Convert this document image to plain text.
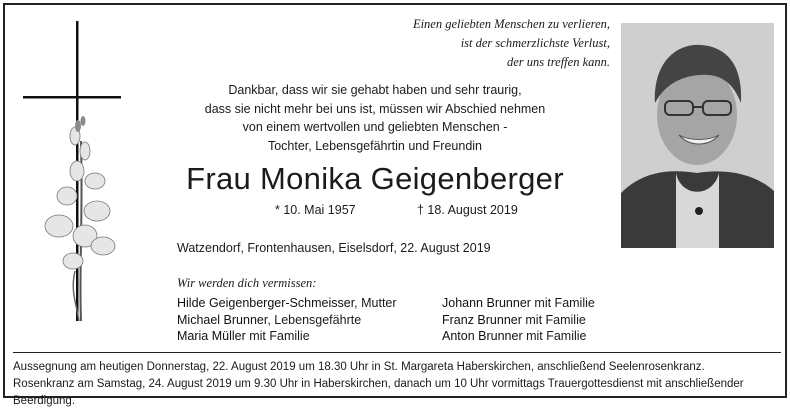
Einen geliebten Menschen zu verlieren,
ist der schmerzlichste Verlust,
der uns treffen kann.
Dankbar, dass wir sie gehabt haben und sehr traurig,
dass sie nicht mehr bei uns ist, müssen wir Abschied nehmen
von einem wertvollen und geliebten Menschen -
Tochter, Lebensgefährtin und Freundin
Frau Monika Geigenberger
* 10. Mai 1957	† 18. August 2019
Watzendorf, Frontenhausen, Eiselsdorf, 22. August 2019
Wir werden dich vermissen:
Hilde Geigenberger-Schmeisser, Mutter
Michael Brunner, Lebensgefährte
Maria Müller mit Familie
Johann Brunner mit Familie
Franz Brunner mit Familie
Anton Brunner mit Familie
Aussegnung am heutigen Donnerstag, 22. August 2019 um 18.30 Uhr in St. Margareta Haberskirchen, anschließend Seelenrosenkranz.
Rosenkranz am Samstag, 24. August 2019 um 9.30 Uhr in Haberskirchen, danach um 10 Uhr vormittags Trauergottesdienst mit anschließender Beerdigung.
